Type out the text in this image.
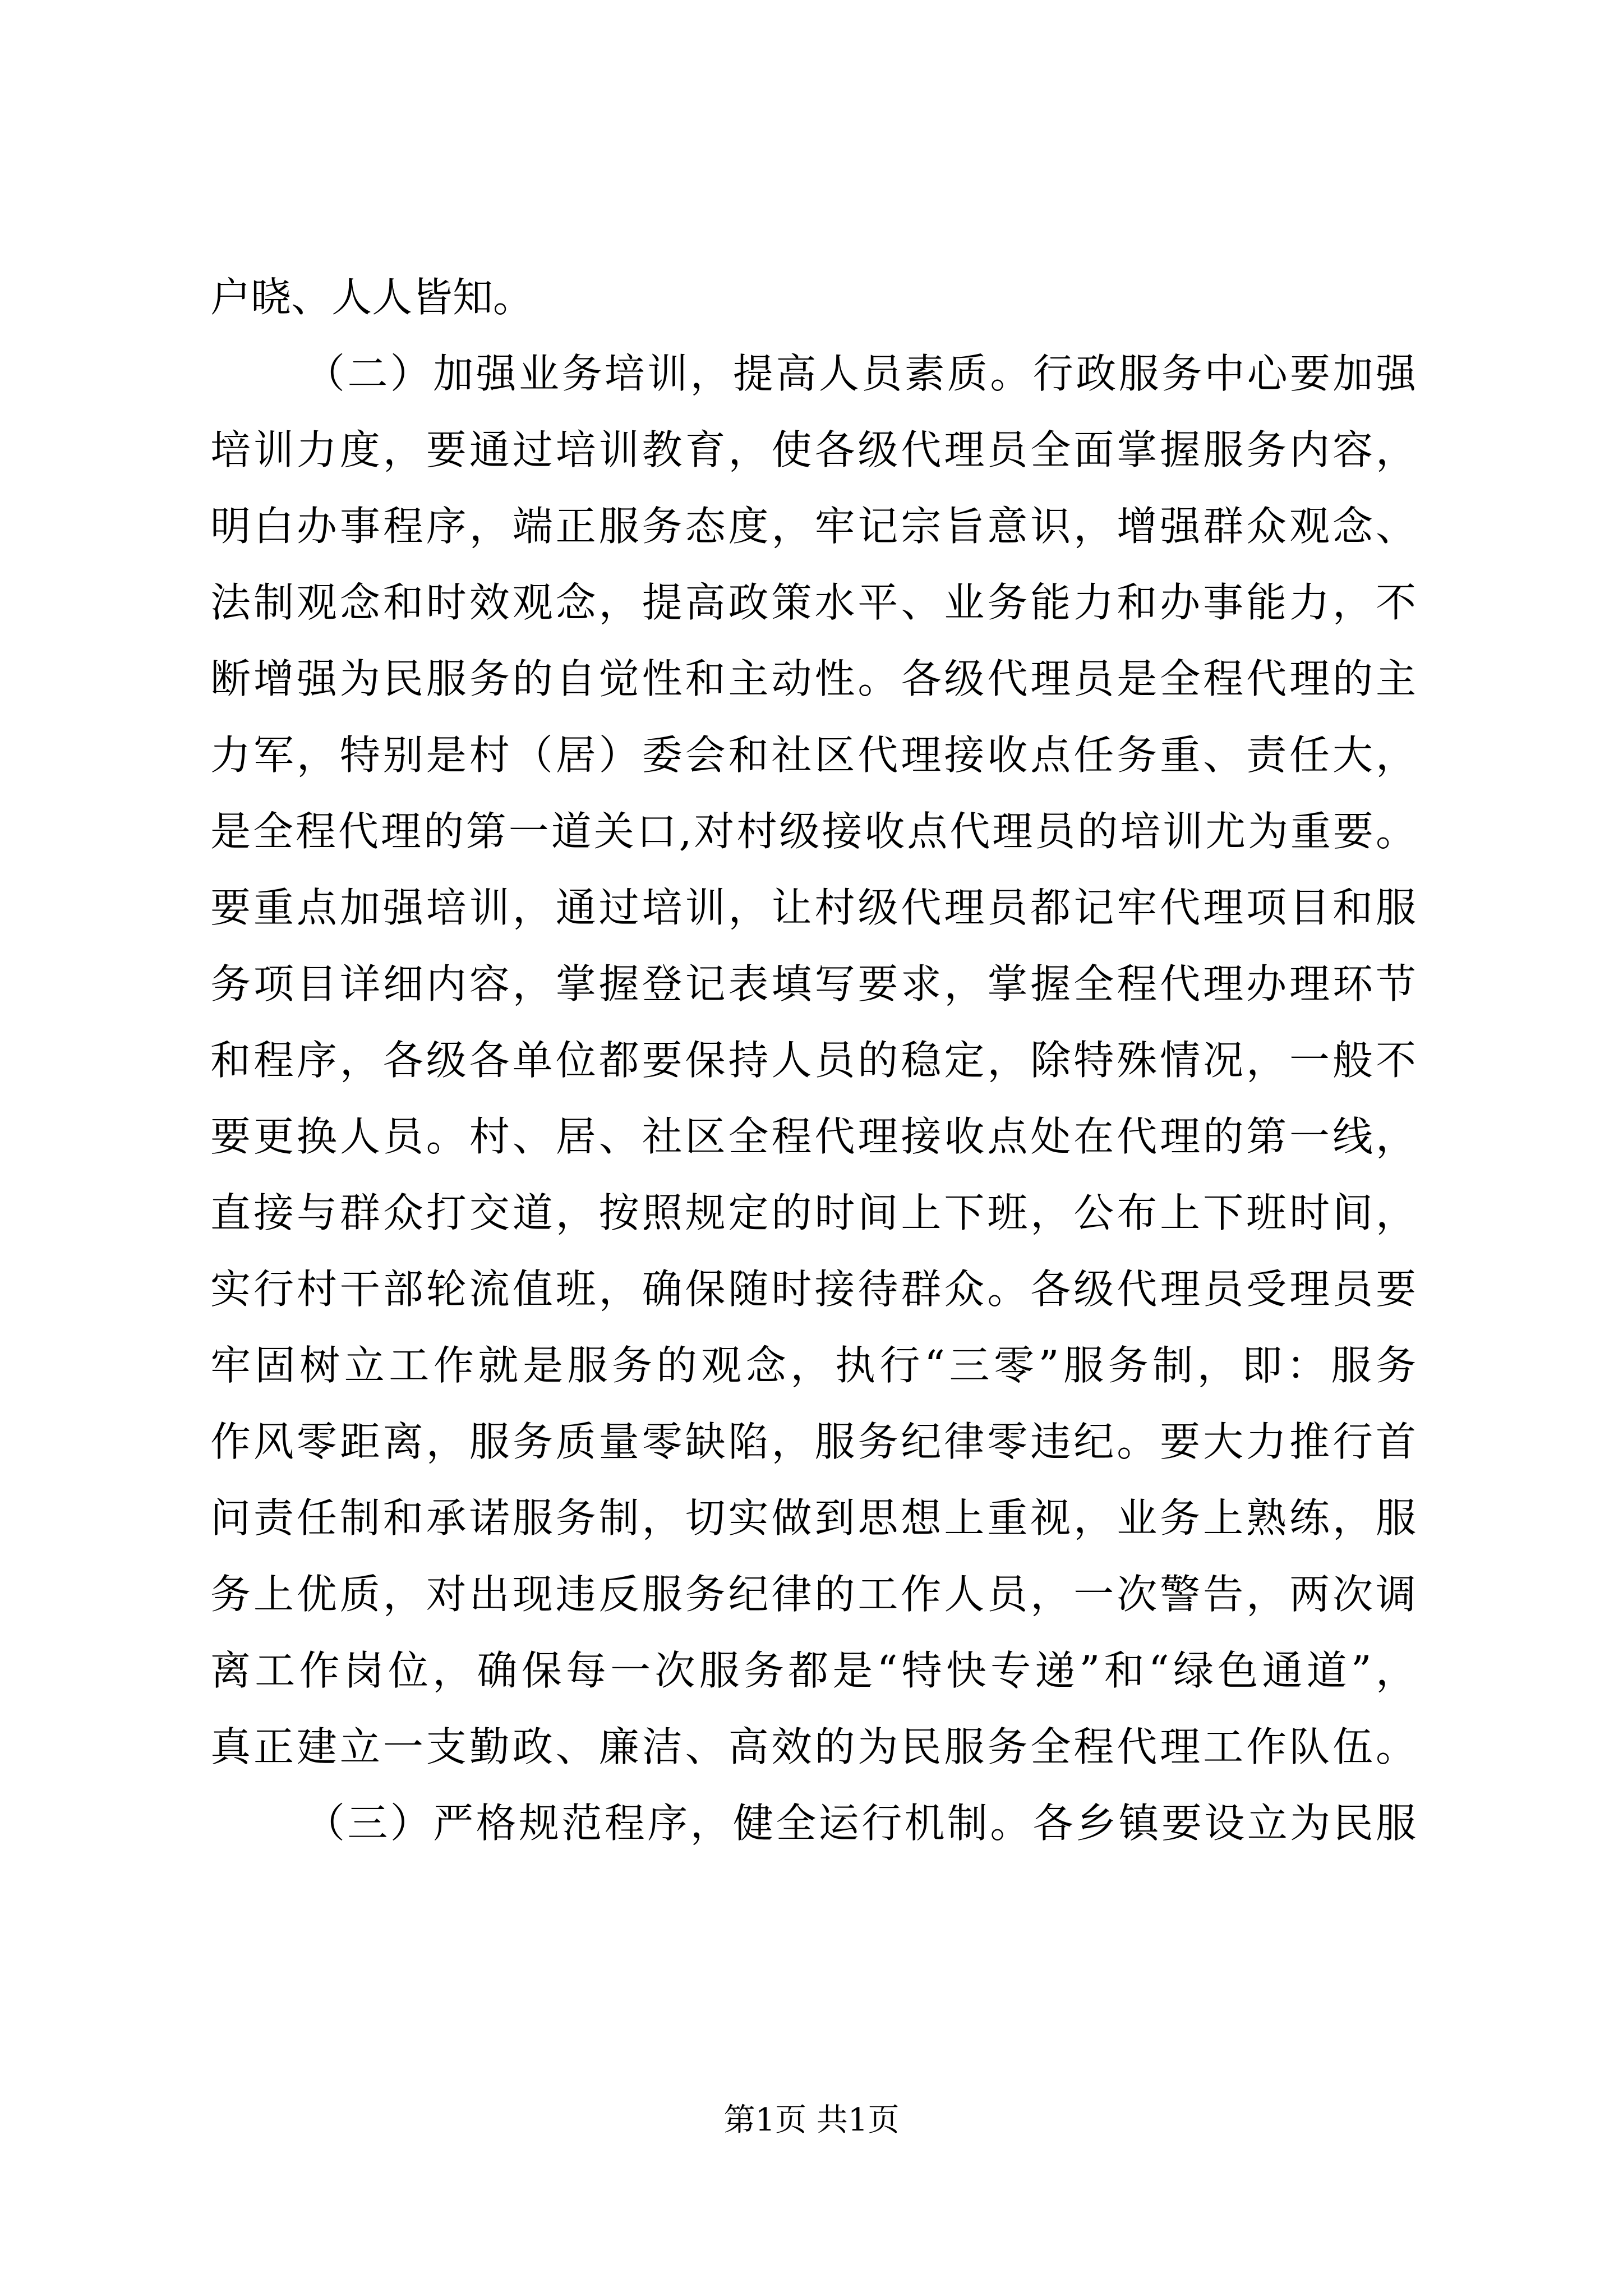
户晓、人人皆知。
（二）加强业务培训，提高人员素质。行政服务中心要加强
培训力度，要通过培训教育，使各级代理员全面掌握服务内容，
明白办事程序，端正服务态度，牢记宗旨意识，增强群众观念、
法制观念和时效观念，提高政策水平、业务能力和办事能力，不
断增强为民服务的自觉性和主动性。各级代理员是全程代理的主
力军，特别是村（居）委会和社区代理接收点任务重、责任大，
是全程代理的第一道关口,对村级接收点代理员的培训尤为重要。
要重点加强培训，通过培训，让村级代理员都记牢代理项目和服
务项目详细内容，掌握登记表填写要求，掌握全程代理办理环节
和程序，各级各单位都要保持人员的稳定，除特殊情况，一般不
要更换人员。村、居、社区全程代理接收点处在代理的第一线，
直接与群众打交道，按照规定的时间上下班，公布上下班时间，
实行村干部轮流值班，确保随时接待群众。各级代理员受理员要
牢固树立工作就是服务的观念，执行“三零”服务制，即：服务
作风零距离，服务质量零缺陷，服务纪律零违纪。要大力推行首
问责任制和承诺服务制，切实做到思想上重视，业务上熟练，服
务上优质，对出现违反服务纪律的工作人员，一次警告，两次调
离工作岗位，确保每一次服务都是“特快专递”和“绿色通道”，
真正建立一支勤政、廉洁、高效的为民服务全程代理工作队伍。
（三）严格规范程序，健全运行机制。各乡镇要设立为民服
第1页 共1页
